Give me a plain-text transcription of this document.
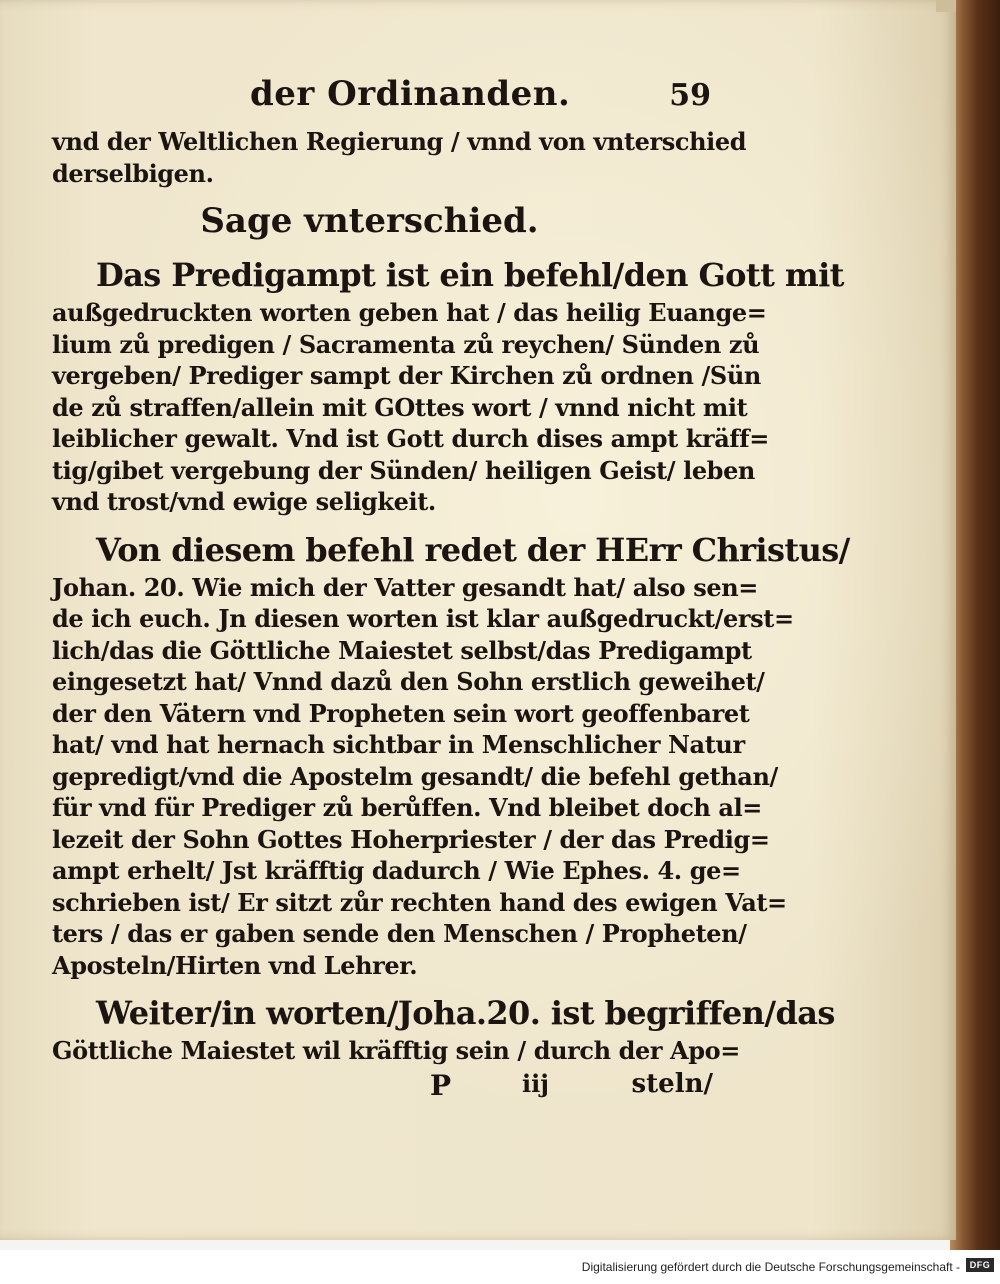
der Ordinanden.	59
vnd der Weltlichen Regierung / vnnd von vnterschied
derselbigen.
Sage vnterschied.
Das Predigampt ist ein befehl/den Gott mit
außgedruckten worten geben hat / das heilig Euange=
lium zů predigen / Sacramenta zů reychen/ Sünden zů
vergeben/ Prediger sampt der Kirchen zů ordnen /Sün
de zů straffen/allein mit GOttes wort / vnnd nicht mit
leiblicher gewalt. Vnd ist Gott durch dises ampt kräff=
tig/gibet vergebung der Sünden/ heiligen Geist/ leben
vnd trost/vnd ewige seligkeit.
Von diesem befehl redet der HErr Christus/
Johan. 20. Wie mich der Vatter gesandt hat/ also sen=
de ich euch. Jn diesen worten ist klar außgedruckt/erst=
lich/das die Göttliche Maiestet selbst/das Predigampt
eingesetzt hat/ Vnnd dazů den Sohn erstlich geweihet/
der den Vätern vnd Propheten sein wort geoffenbaret
hat/ vnd hat hernach sichtbar in Menschlicher Natur
gepredigt/vnd die Apostelm gesandt/ die befehl gethan/
für vnd für Prediger zů berůffen. Vnd bleibet doch al=
lezeit der Sohn Gottes Hoherpriester / der das Predig=
ampt erhelt/ Jst kräfftig dadurch / Wie Ephes. 4. ge=
schrieben ist/ Er sitzt zůr rechten hand des ewigen Vat=
ters / das er gaben sende den Menschen / Propheten/
Aposteln/Hirten vnd Lehrer.
Weiter/in worten/Joha.20. ist begriffen/das
Göttliche Maiestet wil kräfftig sein / durch der Apo=
P	iij	steln/
Digitalisierung gefördert durch die Deutsche Forschungsgemeinschaft -	DFG
